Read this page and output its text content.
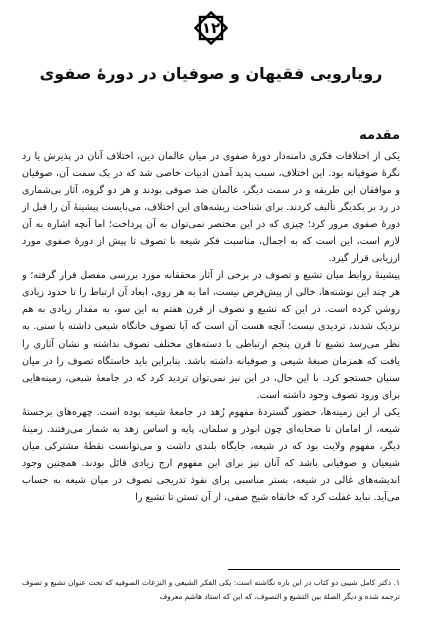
۱۲
رویارویی فقیهان و صوفیان در دورهٔ صفوی
مقدمه

یکی از اختلافات فکری دامنه‌دار دورهٔ صفوی در میان عالمان دین، اختلاف آنان در پذیرش یا رد نگرهٔ صوفیانه بود. این اختلاف، سبب پدید آمدن ادبیات خاصی شد که در یک سمت آن، صوفیان و موافقان این طریقه و در سمت دیگر، عالمان ضد صوفی بودند و هر دو گروه، آثار بی‌شماری در رد بر یکدیگر تألیف کردند. برای شناخت ریشه‌های این اختلاف، می‌بایست پیشینهٔ آن را قبل از دورهٔ صفوی مرور کرد؛ چیزی که در این مختصر نمی‌توان به آن پرداخت؛ اما آنچه اشاره به آن لازم است، این است که به اجمال، مناسبت فکر شیعه با تصوف تا پیش از دورهٔ صفوی مورد ارزیابی قرار گیرد.

پیشینهٔ روابط میان تشیع و تصوف در برخی از آثار محققانه مورد بررسی مفصل قرار گرفته؛ و هر چند این نوشته‌ها، خالی از پیش‌فرض نیست، اما به هر روی، ابعاد آن ارتباط را تا حدود زیادی روشن کرده است. در این که تشیع و تصوف از قرن هفتم به این سو، به مقدار زیادی به هم نزدیک شدند، تردیدی نیست؛ آنچه هست آن است که آیا تصوف خانگاه شیعی داشته یا سنی. به نظر می‌رسد تشیع تا قرن پنجم ارتباطی با دسته‌های مختلف تصوف نداشته و نشان آثاری را یافت که همزمان صبغهٔ شیعی و صوفیانه داشته باشد. بنابراین باید خاستگاه تصوف را در میان سنیان جستجو کرد. با این حال، در این نیز نمی‌توان تردید کرد که در جامعهٔ شیعی، زمینه‌هایی برای ورود تصوف وجود داشته است.

یکی از این زمینه‌ها، حضور گستردهٔ مفهوم زُهد در جامعهٔ شیعه بوده است. چهره‌های برجستهٔ شیعه، از امامان تا صحابه‌ای چون ابوذر و سلمان، پایه و اساس زهد به شمار می‌رفتند. زمینهٔ دیگر، مفهوم ولایت بود که در شیعه، جایگاه بلندی داشت و می‌توانست نقطهٔ مشترکی میان شیعیان و صوفیانی باشد که آنان نیز برای این مفهوم ارج زیادی قائل بودند. همچنین وجود اندیشه‌های غالی در شیعه، بستر مناسبی برای نفوذ تدریجی تصوف در میان شیعه به حساب می‌آید. نباید غفلت کرد که خانقاه شیخ صفی، از آن تستن تا تشیع را

۱. دکتر کامل شیبی دو کتاب در این باره نگاشته است: یکی الفکر الشیعی و النزعات الصوفیه که تحت عنوان تشیع و تصوف ترجمه شده و دیگر الصلة بین التشیع و التصوف، که این که استاد هاشم معروف
